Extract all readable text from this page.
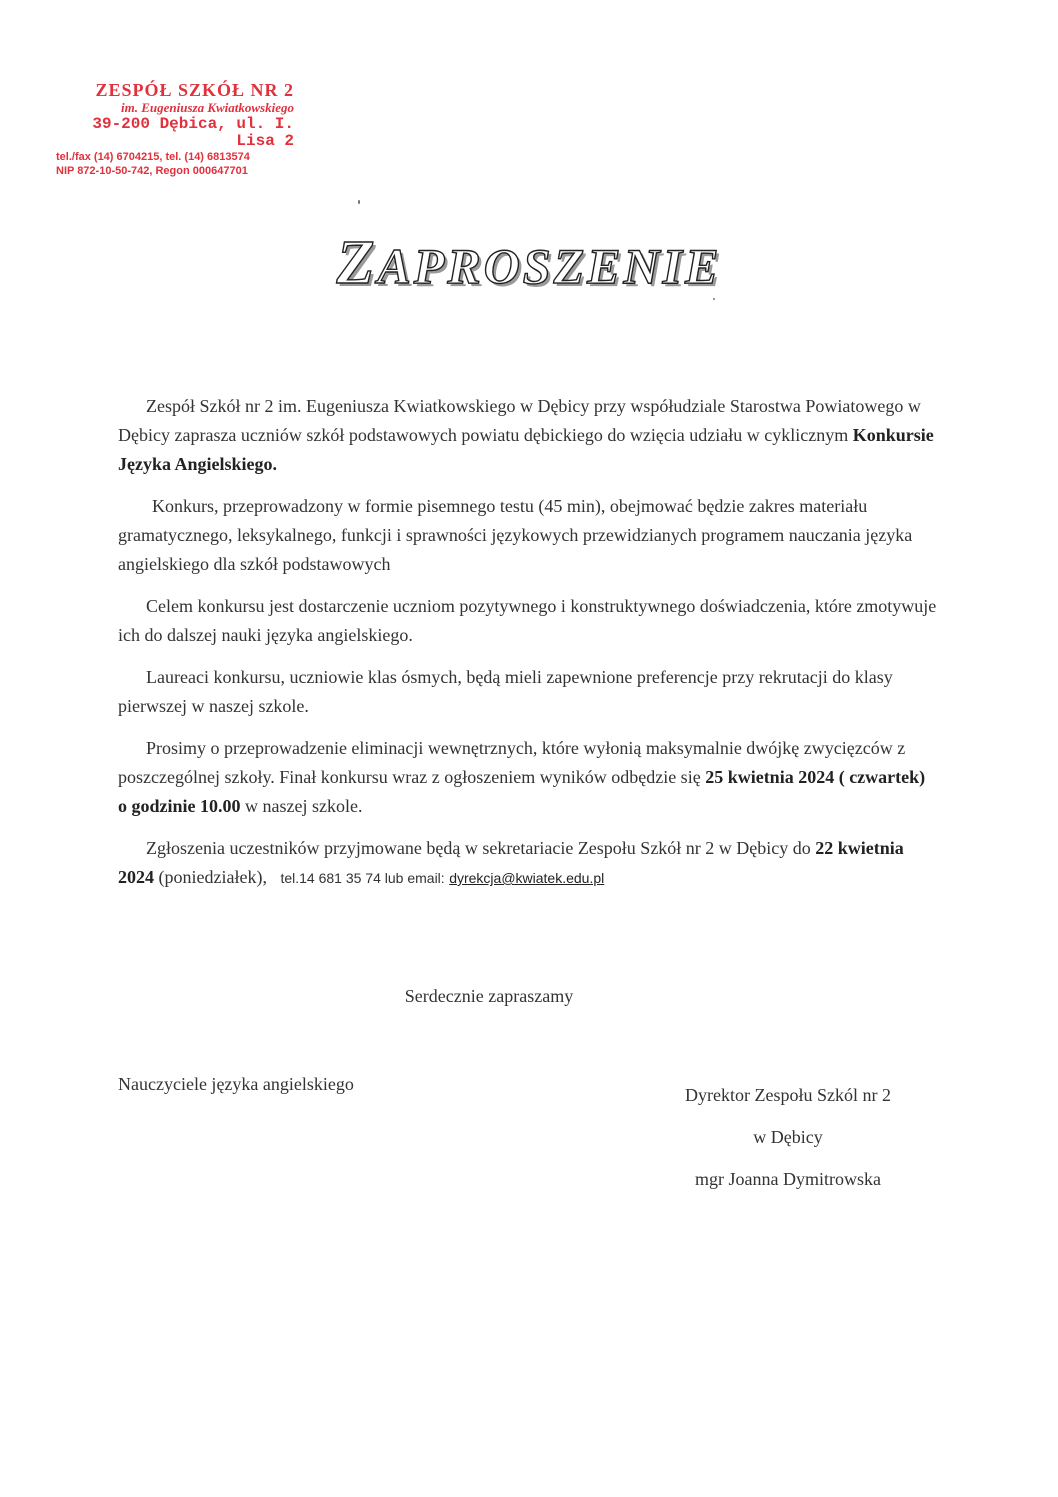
ZESPÓŁ SZKÓŁ NR 2
im. Eugeniusza Kwiatkowskiego
39-200 Dębica, ul. I. Lisa 2
tel./fax (14) 6704215, tel. (14) 6813574
NIP 872-10-50-742, Regon 000647701
ZAPROSZENIE

Zespół Szkół nr 2 im. Eugeniusza Kwiatkowskiego w Dębicy przy współudziale Starostwa Powiatowego w Dębicy zaprasza uczniów szkół podstawowych powiatu dębickiego do wzięcia udziału w cyklicznym Konkursie Języka Angielskiego.

Konkurs, przeprowadzony w formie pisemnego testu (45 min), obejmować będzie zakres materiału gramatycznego, leksykalnego, funkcji i sprawności językowych przewidzianych programem nauczania języka angielskiego dla szkół podstawowych

Celem konkursu jest dostarczenie uczniom pozytywnego i konstruktywnego doświadczenia, które zmotywuje ich do dalszej nauki języka angielskiego.

Laureaci konkursu, uczniowie klas ósmych, będą mieli zapewnione preferencje przy rekrutacji do klasy pierwszej w naszej szkole.

Prosimy o przeprowadzenie eliminacji wewnętrznych, które wyłonią maksymalnie dwójkę zwycięzców z poszczególnej szkoły. Finał konkursu wraz z ogłoszeniem wyników odbędzie się 25 kwietnia 2024 ( czwartek) o godzinie 10.00 w naszej szkole.

Zgłoszenia uczestników przyjmowane będą w sekretariacie Zespołu Szkół nr 2 w Dębicy do 22 kwietnia 2024 (poniedziałek), tel.14 681 35 74 lub email: dyrekcja@kwiatek.edu.pl

Serdecznie zapraszamy
Nauczyciele języka angielskiego
Dyrektor Zespołu Szkól nr 2
w Dębicy
mgr Joanna Dymitrowska
